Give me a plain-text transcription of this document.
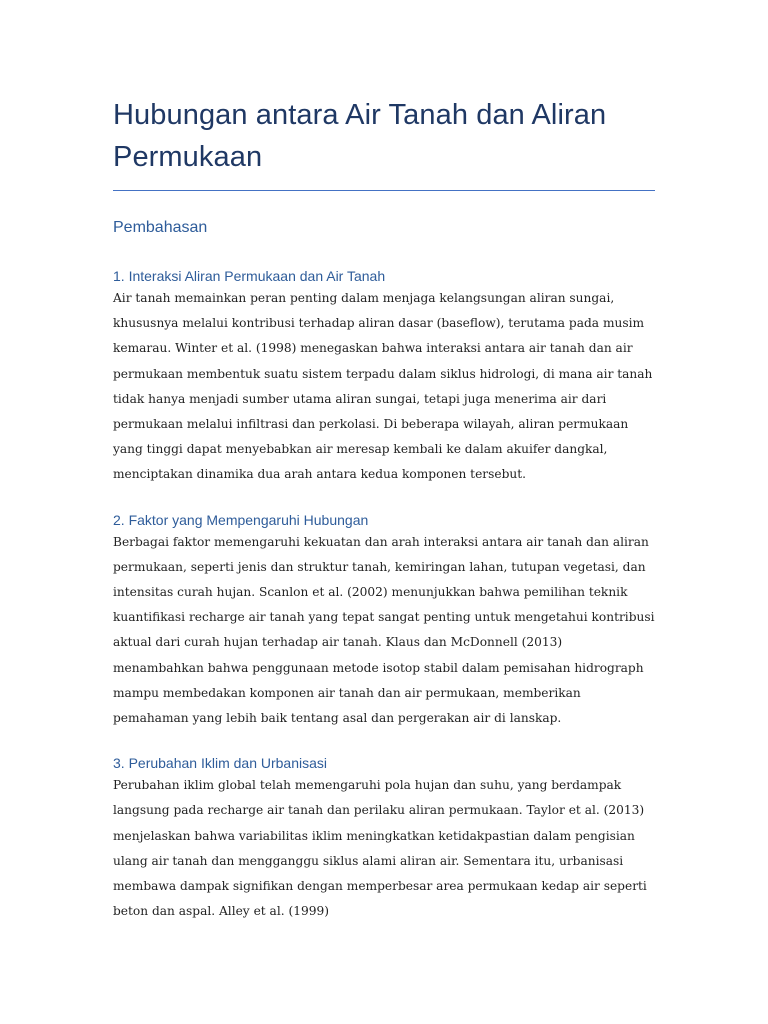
Hubungan antara Air Tanah dan Aliran Permukaan
Pembahasan
1. Interaksi Aliran Permukaan dan Air Tanah

Air tanah memainkan peran penting dalam menjaga kelangsungan aliran sungai, khususnya melalui kontribusi terhadap aliran dasar (baseflow), terutama pada musim kemarau. Winter et al. (1998) menegaskan bahwa interaksi antara air tanah dan air permukaan membentuk suatu sistem terpadu dalam siklus hidrologi, di mana air tanah tidak hanya menjadi sumber utama aliran sungai, tetapi juga menerima air dari permukaan melalui infiltrasi dan perkolasi. Di beberapa wilayah, aliran permukaan yang tinggi dapat menyebabkan air meresap kembali ke dalam akuifer dangkal, menciptakan dinamika dua arah antara kedua komponen tersebut.

2. Faktor yang Mempengaruhi Hubungan

Berbagai faktor memengaruhi kekuatan dan arah interaksi antara air tanah dan aliran permukaan, seperti jenis dan struktur tanah, kemiringan lahan, tutupan vegetasi, dan intensitas curah hujan. Scanlon et al. (2002) menunjukkan bahwa pemilihan teknik kuantifikasi recharge air tanah yang tepat sangat penting untuk mengetahui kontribusi aktual dari curah hujan terhadap air tanah. Klaus dan McDonnell (2013) menambahkan bahwa penggunaan metode isotop stabil dalam pemisahan hidrograph mampu membedakan komponen air tanah dan air permukaan, memberikan pemahaman yang lebih baik tentang asal dan pergerakan air di lanskap.

3. Perubahan Iklim dan Urbanisasi

Perubahan iklim global telah memengaruhi pola hujan dan suhu, yang berdampak langsung pada recharge air tanah dan perilaku aliran permukaan. Taylor et al. (2013) menjelaskan bahwa variabilitas iklim meningkatkan ketidakpastian dalam pengisian ulang air tanah dan mengganggu siklus alami aliran air. Sementara itu, urbanisasi membawa dampak signifikan dengan memperbesar area permukaan kedap air seperti beton dan aspal. Alley et al. (1999)
